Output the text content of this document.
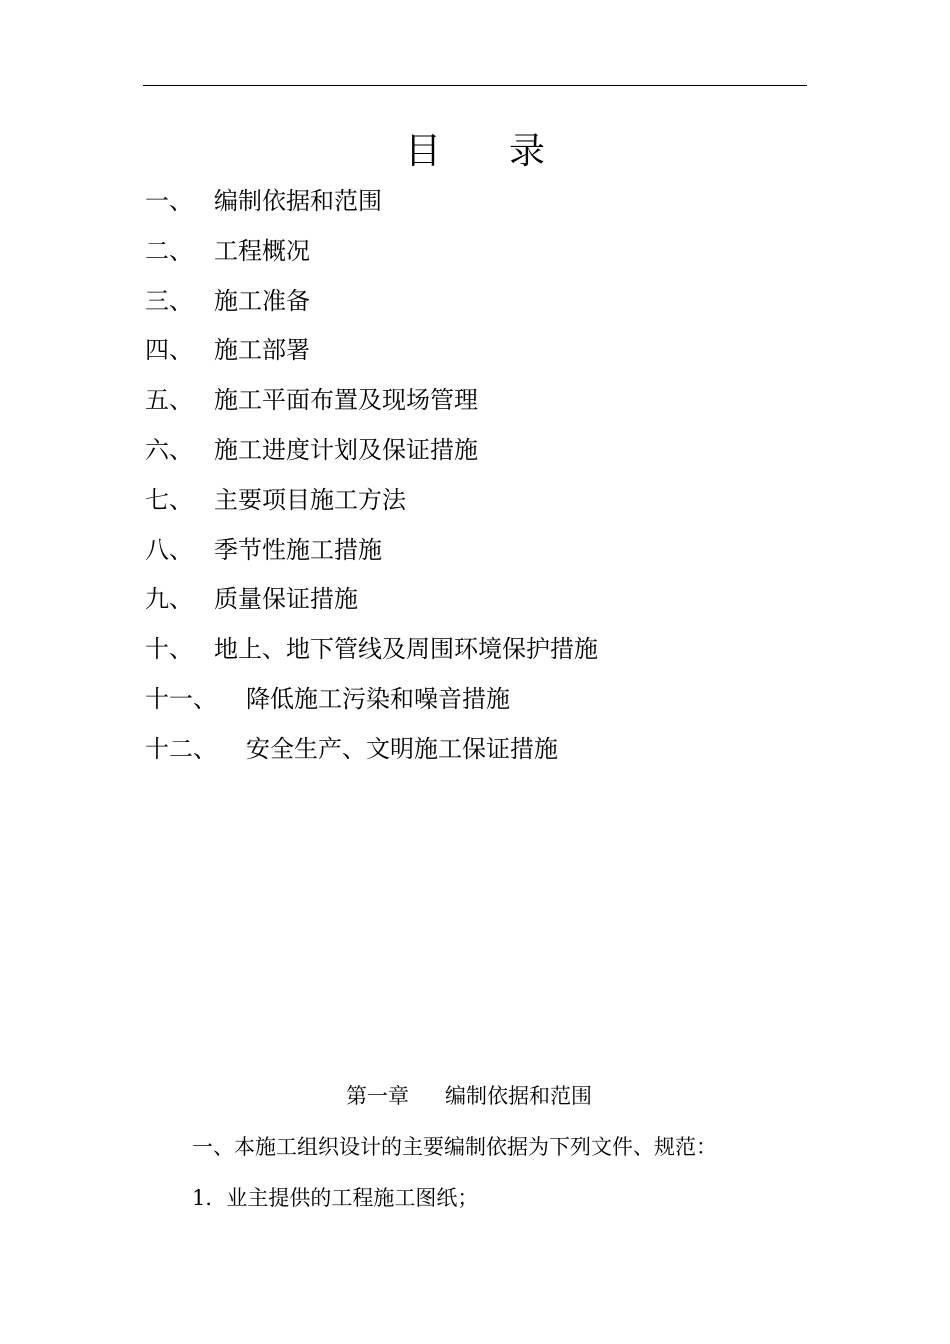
目 录
一、 编制依据和范围
二、 工程概况
三、 施工准备
四、 施工部署
五、 施工平面布置及现场管理
六、 施工进度计划及保证措施
七、 主要项目施工方法
八、 季节性施工措施
九、 质量保证措施
十、 地上、地下管线及周围环境保护措施
十一、 降低施工污染和噪音措施
十二、 安全生产、文明施工保证措施
第一章 编制依据和范围
一、本施工组织设计的主要编制依据为下列文件、规范：
1．业主提供的工程施工图纸；
